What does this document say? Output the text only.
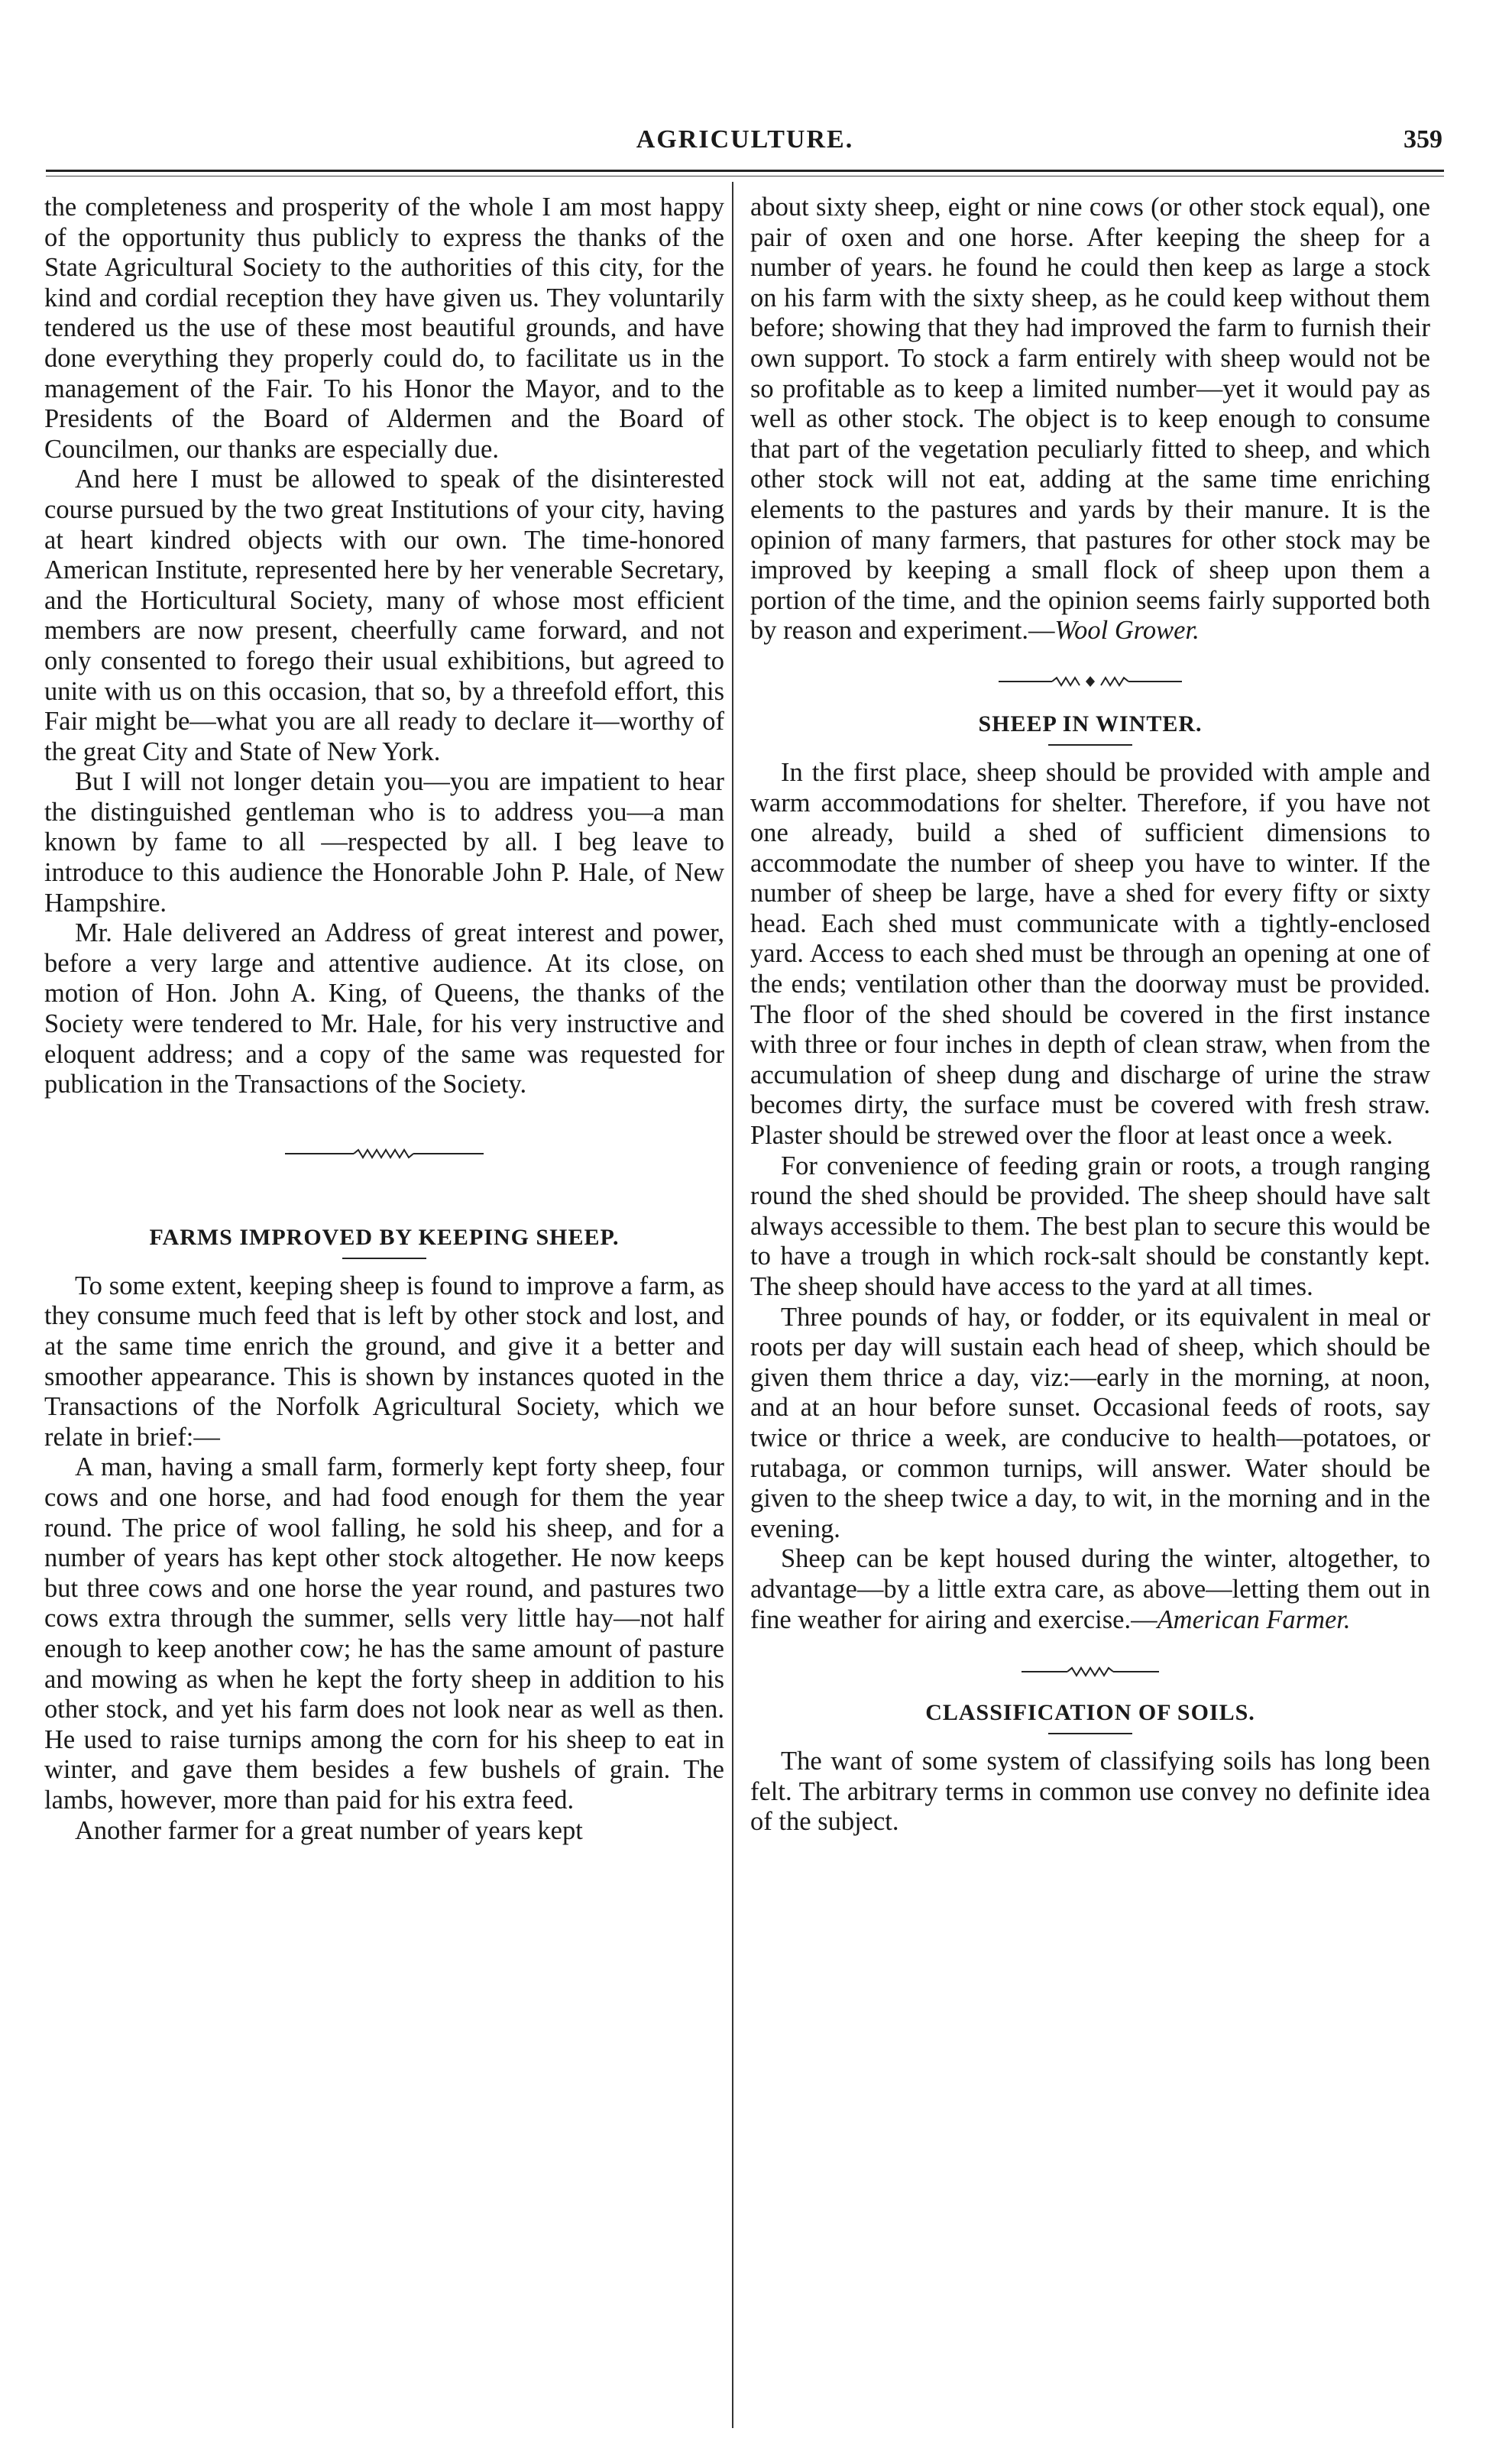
AGRICULTURE.	359

the completeness and prosperity of the whole I am most happy of the opportunity thus publicly to express the thanks of the State Agricultural Society to the authorities of this city, for the kind and cordial reception they have given us. They voluntarily tendered us the use of these most beautiful grounds, and have done everything they properly could do, to facilitate us in the management of the Fair. To his Honor the Mayor, and to the Presidents of the Board of Aldermen and the Board of Councilmen, our thanks are especially due.

And here I must be allowed to speak of the disinterested course pursued by the two great Institutions of your city, having at heart kindred objects with our own. The time-honored American Institute, represented here by her venerable Secretary, and the Horticultural Society, many of whose most efficient members are now present, cheerfully came forward, and not only consented to forego their usual exhibitions, but agreed to unite with us on this occasion, that so, by a threefold effort, this Fair might be—what you are all ready to declare it—worthy of the great City and State of New York.

But I will not longer detain you—you are impatient to hear the distinguished gentleman who is to address you—a man known by fame to all —respected by all. I beg leave to introduce to this audience the Honorable John P. Hale, of New Hampshire.

Mr. Hale delivered an Address of great interest and power, before a very large and attentive audience. At its close, on motion of Hon. John A. King, of Queens, the thanks of the Society were tendered to Mr. Hale, for his very instructive and eloquent address; and a copy of the same was requested for publication in the Transactions of the Society.

FARMS IMPROVED BY KEEPING SHEEP.

To some extent, keeping sheep is found to improve a farm, as they consume much feed that is left by other stock and lost, and at the same time enrich the ground, and give it a better and smoother appearance. This is shown by instances quoted in the Transactions of the Norfolk Agricultural Society, which we relate in brief:—

A man, having a small farm, formerly kept forty sheep, four cows and one horse, and had food enough for them the year round. The price of wool falling, he sold his sheep, and for a number of years has kept other stock altogether. He now keeps but three cows and one horse the year round, and pastures two cows extra through the summer, sells very little hay—not half enough to keep another cow; he has the same amount of pasture and mowing as when he kept the forty sheep in addition to his other stock, and yet his farm does not look near as well as then. He used to raise turnips among the corn for his sheep to eat in winter, and gave them besides a few bushels of grain. The lambs, however, more than paid for his extra feed.

Another farmer for a great number of years kept

about sixty sheep, eight or nine cows (or other stock equal), one pair of oxen and one horse. After keeping the sheep for a number of years. he found he could then keep as large a stock on his farm with the sixty sheep, as he could keep without them before; showing that they had improved the farm to furnish their own support. To stock a farm entirely with sheep would not be so profitable as to keep a limited number—yet it would pay as well as other stock. The object is to keep enough to consume that part of the vegetation peculiarly fitted to sheep, and which other stock will not eat, adding at the same time enriching elements to the pastures and yards by their manure. It is the opinion of many farmers, that pastures for other stock may be improved by keeping a small flock of sheep upon them a portion of the time, and the opinion seems fairly supported both by reason and experiment.—Wool Grower.

SHEEP IN WINTER.

In the first place, sheep should be provided with ample and warm accommodations for shelter. Therefore, if you have not one already, build a shed of sufficient dimensions to accommodate the number of sheep you have to winter. If the number of sheep be large, have a shed for every fifty or sixty head. Each shed must communicate with a tightly-enclosed yard. Access to each shed must be through an opening at one of the ends; ventilation other than the doorway must be provided. The floor of the shed should be covered in the first instance with three or four inches in depth of clean straw, when from the accumulation of sheep dung and discharge of urine the straw becomes dirty, the surface must be covered with fresh straw. Plaster should be strewed over the floor at least once a week.

For convenience of feeding grain or roots, a trough ranging round the shed should be provided. The sheep should have salt always accessible to them. The best plan to secure this would be to have a trough in which rock-salt should be constantly kept. The sheep should have access to the yard at all times.

Three pounds of hay, or fodder, or its equivalent in meal or roots per day will sustain each head of sheep, which should be given them thrice a day, viz:—early in the morning, at noon, and at an hour before sunset. Occasional feeds of roots, say twice or thrice a week, are conducive to health—potatoes, or rutabaga, or common turnips, will answer. Water should be given to the sheep twice a day, to wit, in the morning and in the evening.

Sheep can be kept housed during the winter, altogether, to advantage—by a little extra care, as above—letting them out in fine weather for airing and exercise.—American Farmer.

CLASSIFICATION OF SOILS.

The want of some system of classifying soils has long been felt. The arbitrary terms in common use convey no definite idea of the subject.
